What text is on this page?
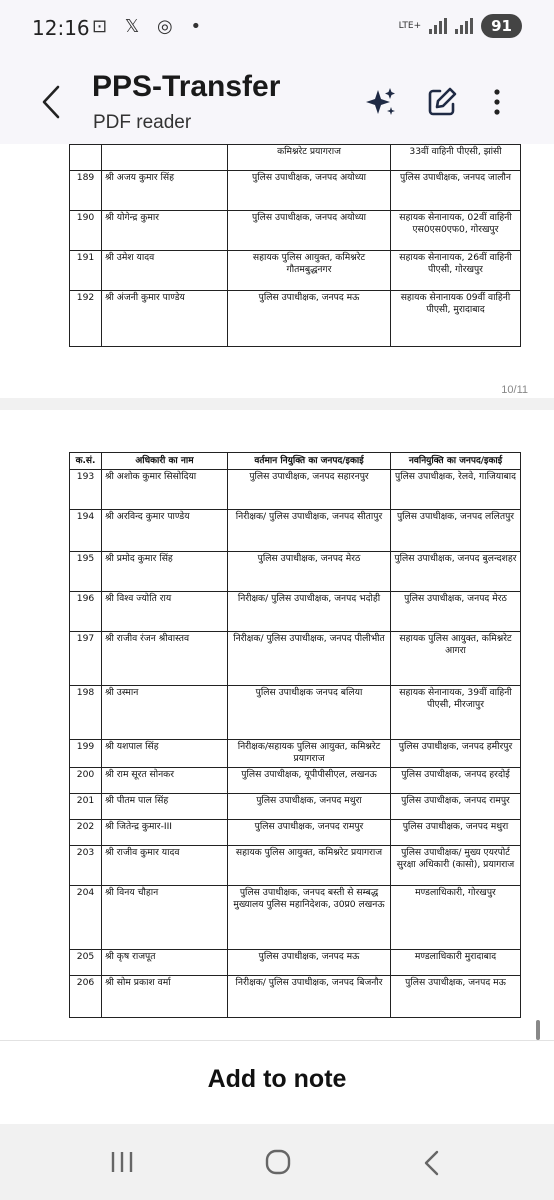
12:16 ⊡ 𝕏 ◎ •	LTE+	91
PPS-Transfer
PDF reader
		कमिश्नरेट प्रयागराज	33वीं वाहिनी पीएसी, झांसी
189	श्री अजय कुमार सिंह	पुलिस उपाधीक्षक, जनपद अयोध्या	पुलिस उपाधीक्षक, जनपद जालौन
190	श्री योगेन्द्र कुमार	पुलिस उपाधीक्षक, जनपद अयोध्या	सहायक सेनानायक, 02वीं वाहिनी एस0एस0एफ0, गोरखपुर
191	श्री उमेश यादव	सहायक पुलिस आयुक्त, कमिश्नरेट गौतमबुद्धनगर	सहायक सेनानायक, 26वीं वाहिनी पीएसी, गोरखपुर
192	श्री अंजनी कुमार पाण्डेय	पुलिस उपाधीक्षक, जनपद मऊ	सहायक सेनानायक 09वीं वाहिनी पीएसी, मुरादाबाद
10/11
क.सं.	अधिकारी का नाम	वर्तमान नियुक्ति का जनपद/इकाई	नवनियुक्ति का जनपद/इकाई
193	श्री अशोक कुमार सिसोदिया	पुलिस उपाधीक्षक, जनपद सहारनपुर	पुलिस उपाधीक्षक, रेलवे, गाजियाबाद
194	श्री अरविन्द कुमार पाण्डेय	निरीक्षक/ पुलिस उपाधीक्षक, जनपद सीतापुर	पुलिस उपाधीक्षक, जनपद ललितपुर
195	श्री प्रमोद कुमार सिंह	पुलिस उपाधीक्षक, जनपद मेरठ	पुलिस उपाधीक्षक, जनपद बुलन्दशहर
196	श्री विश्व ज्योति राय	निरीक्षक/ पुलिस उपाधीक्षक, जनपद भदोही	पुलिस उपाधीक्षक, जनपद मेरठ
197	श्री राजीव रंजन श्रीवास्तव	निरीक्षक/ पुलिस उपाधीक्षक, जनपद पीलीभीत	सहायक पुलिस आयुक्त, कमिश्नरेट आगरा
198	श्री उस्मान	पुलिस उपाधीक्षक जनपद बलिया	सहायक सेनानायक, 39वीं वाहिनी पीएसी, मीरजापुर
199	श्री यशपाल सिंह	निरीक्षक/सहायक पुलिस आयुक्त, कमिश्नरेट प्रयागराज	पुलिस उपाधीक्षक, जनपद हमीरपुर
200	श्री राम सूरत सोनकर	पुलिस उपाधीक्षक, यूपीपीसीएल, लखनऊ	पुलिस उपाधीक्षक, जनपद हरदोई
201	श्री पीतम पाल सिंह	पुलिस उपाधीक्षक, जनपद मथुरा	पुलिस उपाधीक्षक, जनपद रामपुर
202	श्री जितेन्द्र कुमार-III	पुलिस उपाधीक्षक, जनपद रामपुर	पुलिस उपाधीक्षक, जनपद मथुरा
203	श्री राजीव कुमार यादव	सहायक पुलिस आयुक्त, कमिश्नरेट प्रयागराज	पुलिस उपाधीक्षक/ मुख्य एयरपोर्ट सुरक्षा अधिकारी (कासो), प्रयागराज
204	श्री विनय चौहान	पुलिस उपाधीक्षक, जनपद बस्ती से सम्बद्ध मुख्यालय पुलिस महानिदेशक, उ0प्र0 लखनऊ	मण्डलाधिकारी, गोरखपुर
205	श्री कृष राजपूत	पुलिस उपाधीक्षक, जनपद मऊ	मण्डलाधिकारी मुरादाबाद
206	श्री सोम प्रकाश वर्मा	निरीक्षक/ पुलिस उपाधीक्षक, जनपद बिजनौर	पुलिस उपाधीक्षक, जनपद मऊ
Add to note
